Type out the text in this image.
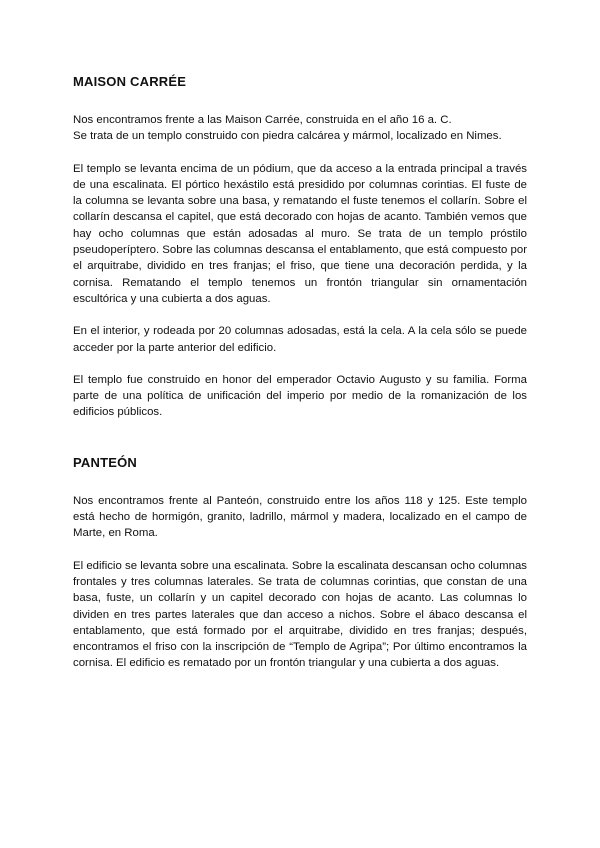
MAISON CARRÉE

Nos encontramos frente a las Maison Carrée, construida en el año 16 a. C.
Se trata de un templo construido con piedra calcárea y mármol, localizado en Nimes.

El templo se levanta encima de un pódium, que da acceso a la entrada principal a través de una escalinata. El pórtico hexástilo está presidido por columnas corintias. El fuste de la columna se levanta sobre una basa, y rematando el fuste tenemos el collarín. Sobre el collarín descansa el capitel, que está decorado con hojas de acanto. También vemos que hay ocho columnas que están adosadas al muro. Se trata de un templo próstilo pseudoperíptero. Sobre las columnas descansa el entablamento, que está compuesto por el arquitrabe, dividido en tres franjas; el friso, que tiene una decoración perdida, y la cornisa. Rematando el templo tenemos un frontón triangular sin ornamentación escultórica y una cubierta a dos aguas.

En el interior, y rodeada por 20 columnas adosadas, está la cela. A la cela sólo se puede acceder por la parte anterior del edificio.

El templo fue construido en honor del emperador Octavio Augusto y su familia. Forma parte de una política de unificación del imperio por medio de la romanización de los edificios públicos.

PANTEÓN

Nos encontramos frente al Panteón, construido entre los años 118 y 125. Este templo está hecho de hormigón, granito, ladrillo, mármol y madera, localizado en el campo de Marte, en Roma.

El edificio se levanta sobre una escalinata. Sobre la escalinata descansan ocho columnas frontales y tres columnas laterales. Se trata de columnas corintias, que constan de una basa, fuste, un collarín y un capitel decorado con hojas de acanto. Las columnas lo dividen en tres partes laterales que dan acceso a nichos. Sobre el ábaco descansa el entablamento, que está formado por el arquitrabe, dividido en tres franjas; después, encontramos el friso con la inscripción de “Templo de Agripa”; Por último encontramos la cornisa. El edificio es rematado por un frontón triangular y una cubierta a dos aguas.
